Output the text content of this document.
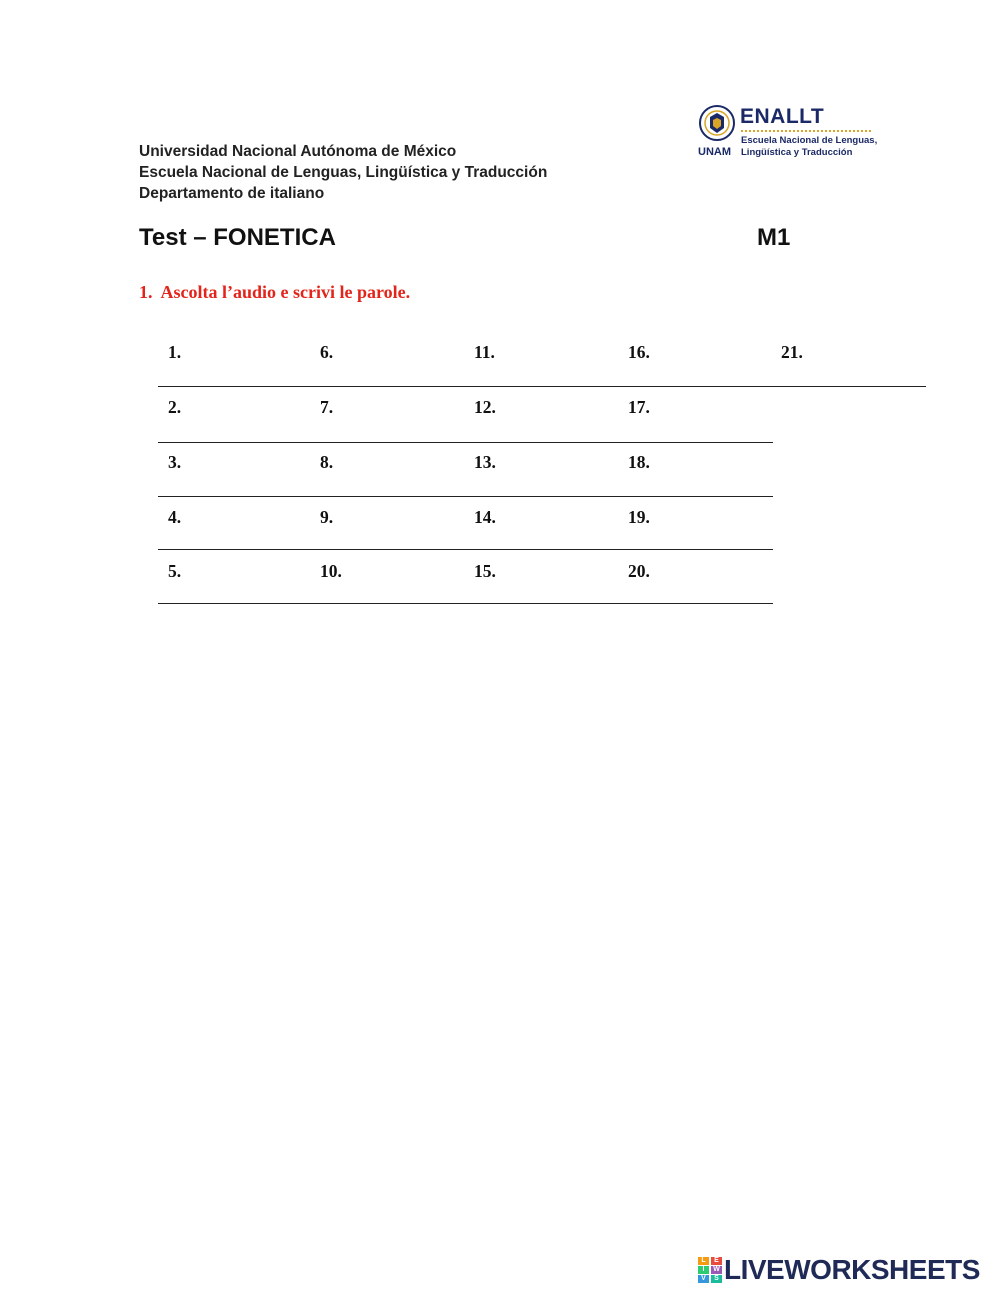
Universidad Nacional Autónoma de México
Escuela Nacional de Lenguas, Lingüística y Traducción
Departamento de italiano
UNAM
ENALLT
Escuela Nacional de Lenguas,
Lingüística y Traducción
Test – FONETICA	M1
1. Ascolta l’audio e scrivi le parole.
1.
2.
3.
4.
5.
6.
7.
8.
9.
10.
11.
12.
13.
14.
15.
16.
17.
18.
19.
20.
21.
L
I
V
E
W
S LIVEWORKSHEETS
